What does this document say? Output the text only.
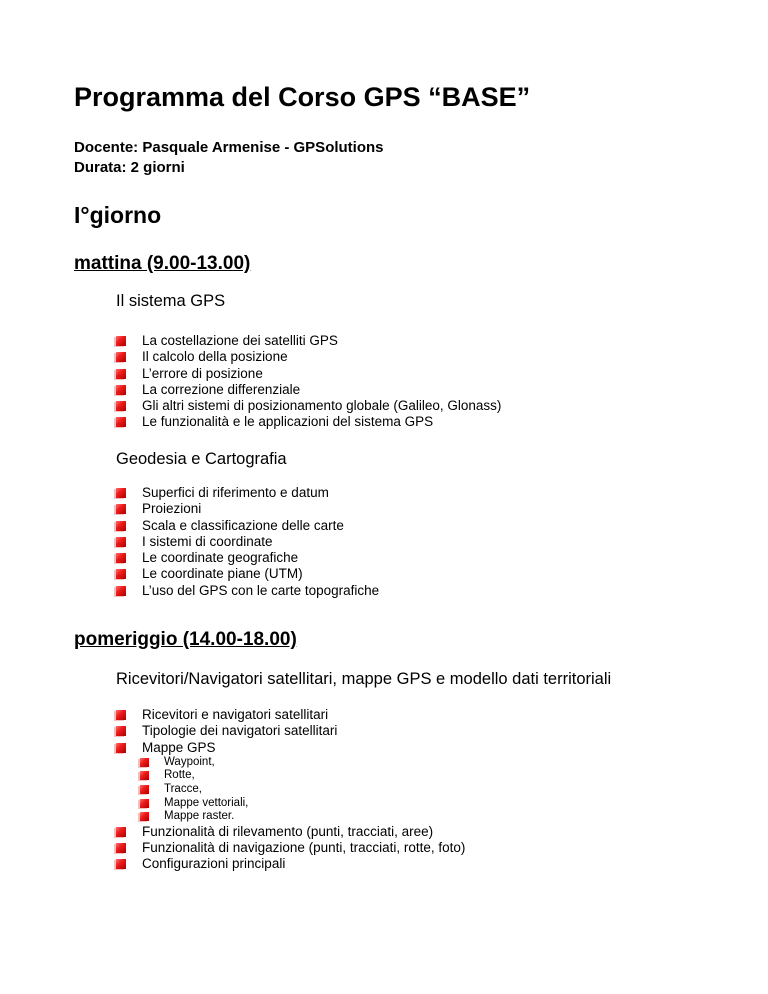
Programma del Corso GPS “BASE”
Docente: Pasquale Armenise - GPSolutions
Durata: 2 giorni
I°giorno
mattina (9.00-13.00)
Il sistema GPS
La costellazione dei satelliti GPS
Il calcolo della posizione
L’errore di posizione
La correzione differenziale
Gli altri sistemi di posizionamento globale (Galileo, Glonass)
Le funzionalità e le applicazioni del sistema GPS
Geodesia e Cartografia
Superfici di riferimento e datum
Proiezioni
Scala e classificazione delle carte
I sistemi di coordinate
Le coordinate geografiche
Le coordinate piane (UTM)
L’uso del GPS con le carte topografiche
pomeriggio (14.00-18.00)
Ricevitori/Navigatori satellitari, mappe GPS e modello dati territoriali
Ricevitori e navigatori satellitari
Tipologie dei navigatori satellitari
Mappe GPS
Waypoint,
Rotte,
Tracce,
Mappe vettoriali,
Mappe raster.
Funzionalità di rilevamento (punti, tracciati, aree)
Funzionalità di navigazione (punti, tracciati, rotte, foto)
Configurazioni principali
